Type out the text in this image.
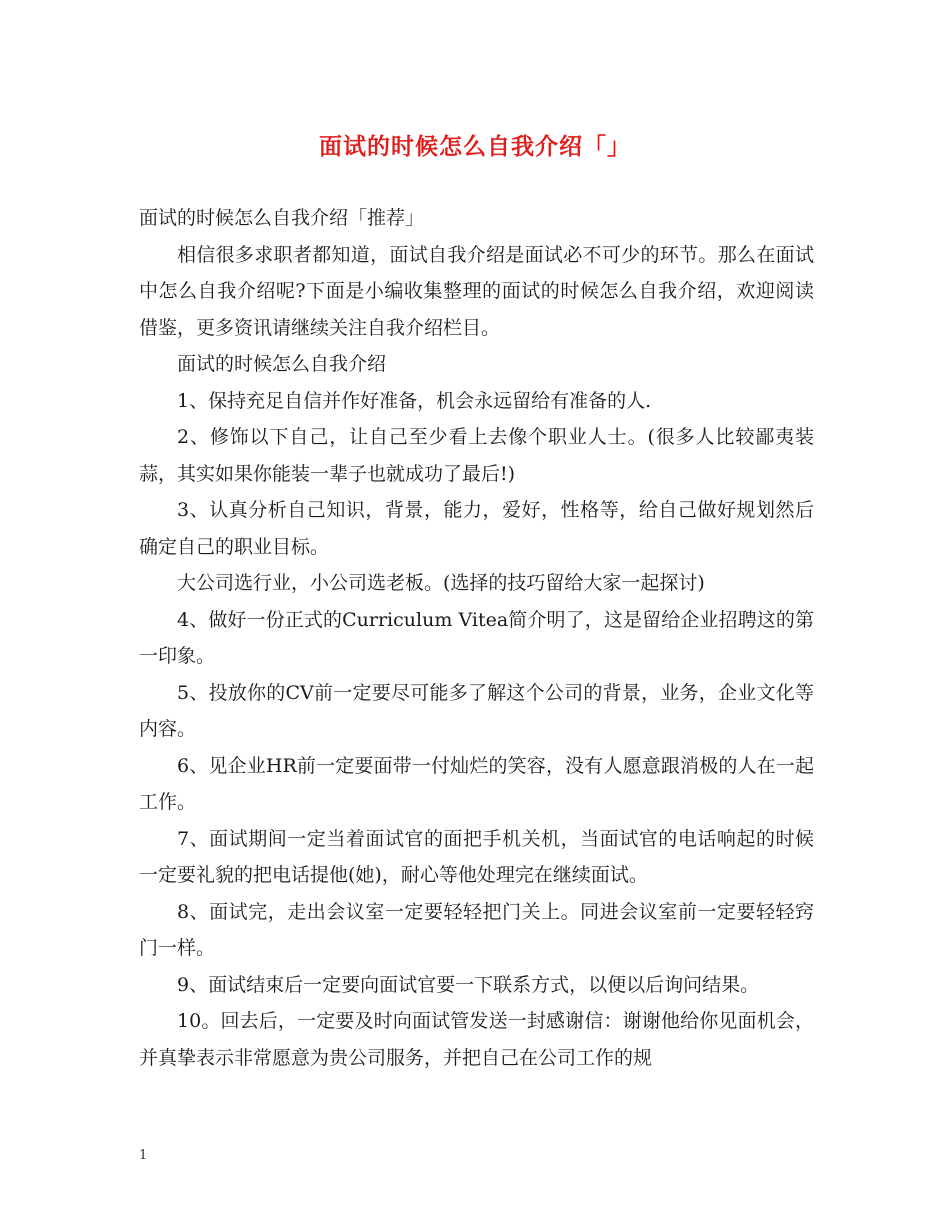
面试的时候怎么自我介绍「」

面试的时候怎么自我介绍「推荐」

相信很多求职者都知道，面试自我介绍是面试必不可少的环节。那么在面试中怎么自我介绍呢?下面是小编收集整理的面试的时候怎么自我介绍，欢迎阅读借鉴，更多资讯请继续关注自我介绍栏目。

面试的时候怎么自我介绍

1、保持充足自信并作好准备，机会永远留给有准备的人.

2、修饰以下自己，让自己至少看上去像个职业人士。(很多人比较鄙夷装蒜，其实如果你能装一辈子也就成功了最后!)

3、认真分析自己知识，背景，能力，爱好，性格等，给自己做好规划然后确定自己的职业目标。

大公司选行业，小公司选老板。(选择的技巧留给大家一起探讨)

4、做好一份正式的Curriculum Vitea简介明了，这是留给企业招聘这的第一印象。

5、投放你的CV前一定要尽可能多了解这个公司的背景，业务，企业文化等内容。

6、见企业HR前一定要面带一付灿烂的笑容，没有人愿意跟消极的人在一起工作。

7、面试期间一定当着面试官的面把手机关机，当面试官的电话响起的时候一定要礼貌的把电话提他(她)，耐心等他处理完在继续面试。

8、面试完，走出会议室一定要轻轻把门关上。同进会议室前一定要轻轻窍门一样。

9、面试结束后一定要向面试官要一下联系方式，以便以后询问结果。

10。回去后，一定要及时向面试管发送一封感谢信：谢谢他给你见面机会，并真挚表示非常愿意为贵公司服务，并把自己在公司工作的规

1
